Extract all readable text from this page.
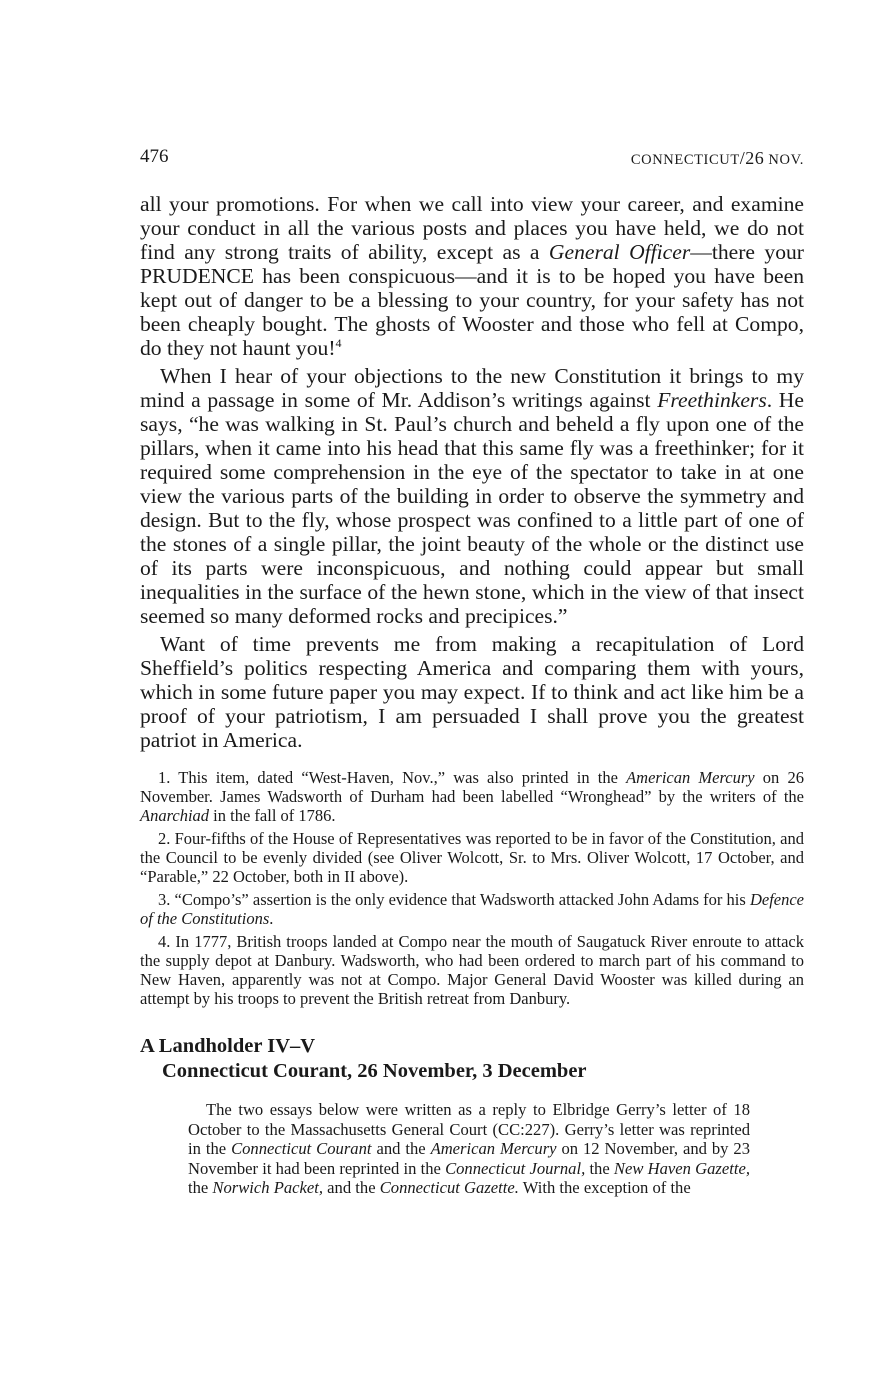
476	CONNECTICUT/26 NOV.

all your promotions. For when we call into view your career, and examine your conduct in all the various posts and places you have held, we do not find any strong traits of ability, except as a General Officer—there your PRUDENCE has been conspicuous—and it is to be hoped you have been kept out of danger to be a blessing to your country, for your safety has not been cheaply bought. The ghosts of Wooster and those who fell at Compo, do they not haunt you!$^4$

When I hear of your objections to the new Constitution it brings to my mind a passage in some of Mr. Addison’s writings against Freethinkers. He says, “he was walking in St. Paul’s church and beheld a fly upon one of the pillars, when it came into his head that this same fly was a freethinker; for it required some comprehension in the eye of the spectator to take in at one view the various parts of the building in order to observe the symmetry and design. But to the fly, whose prospect was confined to a little part of one of the stones of a single pillar, the joint beauty of the whole or the distinct use of its parts were inconspicuous, and nothing could appear but small inequalities in the surface of the hewn stone, which in the view of that insect seemed so many deformed rocks and precipices.”

Want of time prevents me from making a recapitulation of Lord Sheffield’s politics respecting America and comparing them with yours, which in some future paper you may expect. If to think and act like him be a proof of your patriotism, I am persuaded I shall prove you the greatest patriot in America.

1. This item, dated “West-Haven, Nov.,” was also printed in the American Mercury on 26 November. James Wadsworth of Durham had been labelled “Wronghead” by the writers of the Anarchiad in the fall of 1786.

2. Four-fifths of the House of Representatives was reported to be in favor of the Constitution, and the Council to be evenly divided (see Oliver Wolcott, Sr. to Mrs. Oliver Wolcott, 17 October, and “Parable,” 22 October, both in II above).

3. “Compo’s” assertion is the only evidence that Wadsworth attacked John Adams for his Defence of the Constitutions.

4. In 1777, British troops landed at Compo near the mouth of Saugatuck River enroute to attack the supply depot at Danbury. Wadsworth, who had been ordered to march part of his command to New Haven, apparently was not at Compo. Major General David Wooster was killed during an attempt by his troops to prevent the British retreat from Danbury.

A Landholder IV–V
Connecticut Courant, 26 November, 3 December

The two essays below were written as a reply to Elbridge Gerry’s letter of 18 October to the Massachusetts General Court (CC:227). Gerry’s letter was reprinted in the Connecticut Courant and the American Mercury on 12 November, and by 23 November it had been reprinted in the Connecticut Journal, the New Haven Gazette, the Norwich Packet, and the Connecticut Gazette. With the exception of the
